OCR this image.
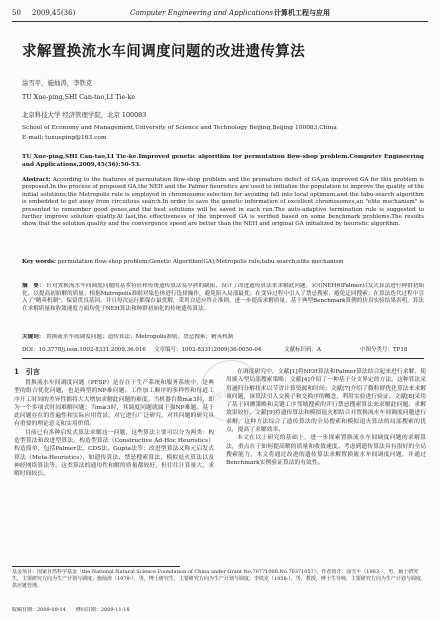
50 2009,45(36)	Computer Engineering and Applications 计算机工程与应用
求解置换流水车间调度问题的改进遗传算法
涂雪平，施灿涛，李铁克
TU Xue-ping,SHI Can-tao,LI Tie-ke
北京科技大学 经济管理学院，北京 100083
School of Economy and Management,University of Science and Technology Beijing,Beijing 100083,China
E-mail: tuxueping@163.com
TU Xue-ping,SHI Can-tao,LI Tie-ke.Improved genetic algorithm for permutation flow-shop problem.Computer Engineering and Applications,2009,45(36):50-53.
Abstract: According to the features of permutation flow-shop problem and the premature defect of GA,an improved GA for this problem is proposed.In the process of proposed GA,the NEH and the Palmer heuristics are used to initialize the population to improve the quality of the initial solutions,the Metropolis rule is employed in chromosome selection for avoiding fall into local optimum,and the tabu-search algorithm is embedded to get away from circuitous search.In order to save the genetic information of excellent chromosomes,an "elite mechanism" is presented to remember good genes,and the best solutions will be saved in each run.The auto-adaptive termination rule is suggested to further improve solution quality.At last,the effectiveness of the improved GA is verified based on some benchmark problems.The results show that the solution quality and the convergence speed are better than the NEH and original GA initialized by heuristic algorithm.
Key words: permutation flow-shop problem;Genetic Algorithm(GA);Metropolis rule;tabu search;elite mechanism
摘　要： 针对置换流水车间调度问题的基本特征和传统遗传算法易早熟的缺陷，设计了改进遗传算法来求解此问题。采用NEH和Palmer启发式算法进行种群初始化，以提高初始解的质量；根据Metropolis准则对染色体进行选择操作，避免陷入局部最优；在变异过程中引入了禁忌搜索，避免迂回搜索；在算法迭代过程中引入了"精英机制"，保留优良基因，并且每次运行都保存最优解，采用自适应终止准则，进一步提高求解质量。基于典型Benchmark算例的仿真实验结果表明，算法在求解质量和收敛速度方面均优于NEH算法和种群初始化的传统遗传算法。
关键词： 置换流水车间调度问题；遗传算法；Metropolis准则；禁忌搜索；精英机制
DOI：10.3778/j.issn.1002-8331.2009.36.016 文章编号：1002-8331(2009)36-0050-04	文献标识码：A	中图分类号：TP18
1　引言

置换流水车间调度问题（PFSP）是存在于生产系统和服务系统中，是典型的组合优化问题，也是典型的NP难问题。工作加工顺序的多样性和每道工序开工时间的差异性都将大大增加求解此问题的难度。当机器台数m≥3时，即为一个多项式时间难解问题；当m≥3时，其调度问题就属于强NP难题。基于此问题存在的普遍性和实际应用背景，对它进行广泛研究，对其问题的研究具有重要的理论意义和实用价值。

目前已有多种启发式算法求解这一问题，这些算法主要可以分为两类：构造型算法和改进型算法。构造型算法（Constructive Ad-Hoc Heuristics）构造简单，包括Palmer法、CDS法、Gupta法等；改进型算法又称元启发式算法（Meta-Heuristics），如遗传算法、禁忌搜索算法、模拟退火算法以及神经网络算法等。这类算法的通用性和解的质量都较好，但往往计算量大，求解时间较长。

在调度研究中，文献[1]将NEH算法和Palmer算法结合起来进行求解，使用插入型局部搜索策略；文献[4]介绍了一种基于分支界定的方法。这种算法采用递归分解技术以节省计算资源和时间；文献[7]介绍了微粒群优化算法来求解该问题，该算法引入交换子和交换序的概念，利用实验进行验证。文献[8]采用了基于回溯策略和关键工序邻域搜索的并行禁忌搜索算法来求解此问题，求解效果较好。文献[9]将遗传算法和模拟退火相结合对置换流水车间调度问题进行求解，这种方法综合了遗传算法的全局搜索和模拟退火算法的局部搜索的优点，提高了求解效率。

本文在以上研究的基础上，进一步探索置换流水车间调度问题的求解算法，重点在于如何提高解的质量和收敛速度。考虑到遗传算法具有很好的全局搜索能力，本文将通过改进的遗传算法求解置换流水车间调度问题，并通过Benchmark实例验证算法的有效性。

维普资讯
基金项目：国家自然科学基金（the National Natural Science Foundation of China under Grant No.70771008,No.70371057）。作者简介：涂雪平（1983-），男，硕士研究生，主要研究方向为生产计划与调度；施灿涛（1979-），男，博士研究生，主要研究方向为生产计划与调度；李铁克（1958-），男，教授，博士生导师，主要研究方向为生产计划与调度、供应链管理。
收稿日期：2009-09-14　　修回日期：2009-11-18
